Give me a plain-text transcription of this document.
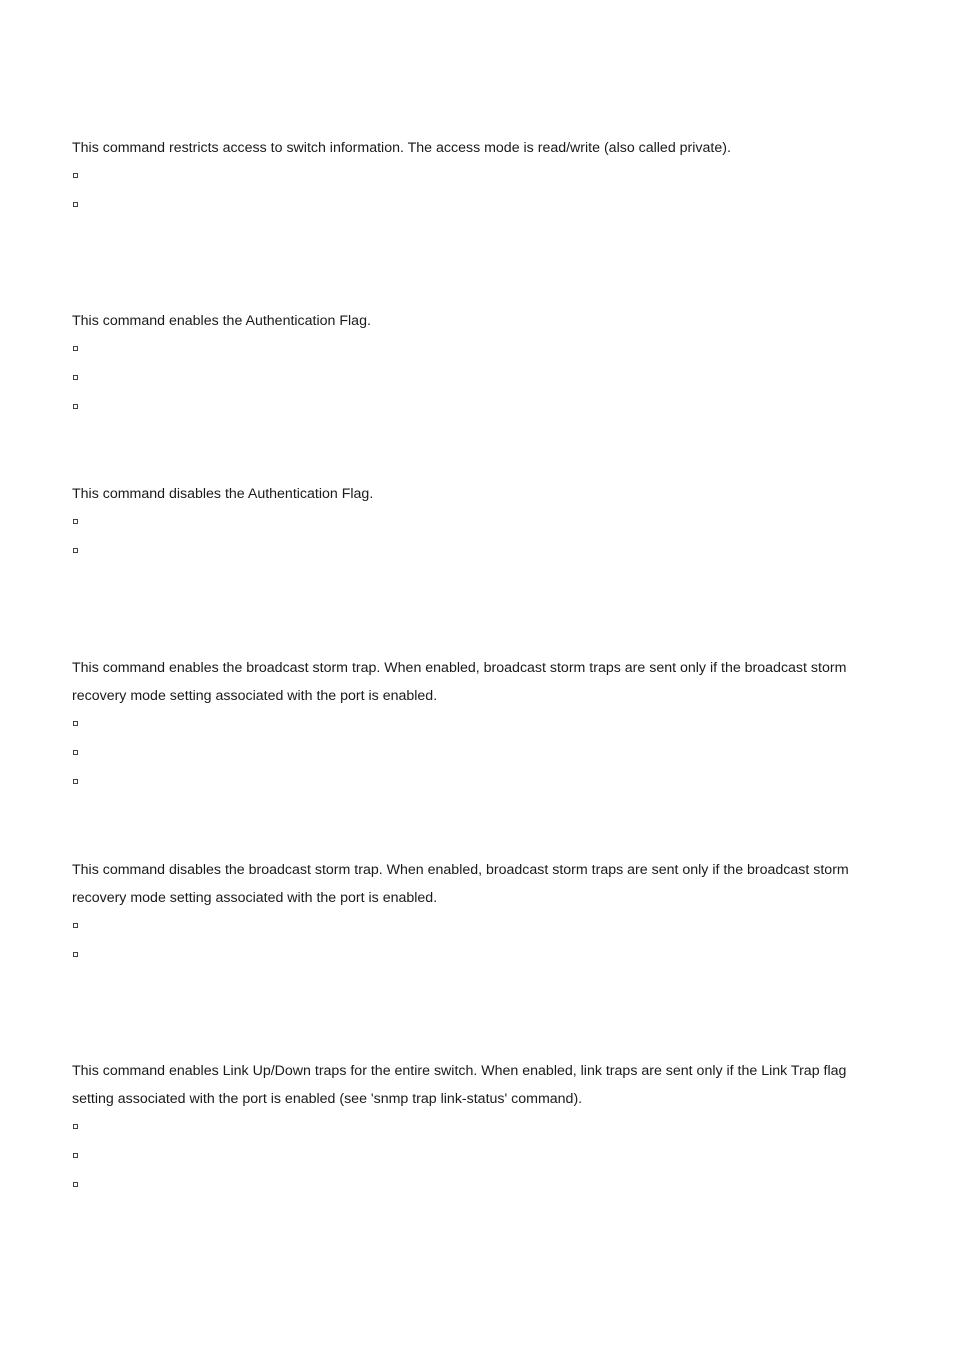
This command restricts access to switch information. The access mode is read/write (also called private).

This command enables the Authentication Flag.

This command disables the Authentication Flag.

This command enables the broadcast storm trap. When enabled, broadcast storm traps are sent only if the broadcast storm recovery mode setting associated with the port is enabled.

This command disables the broadcast storm trap. When enabled, broadcast storm traps are sent only if the broadcast storm recovery mode setting associated with the port is enabled.

This command enables Link Up/Down traps for the entire switch. When enabled, link traps are sent only if the Link Trap flag setting associated with the port is enabled (see 'snmp trap link-status' command).
